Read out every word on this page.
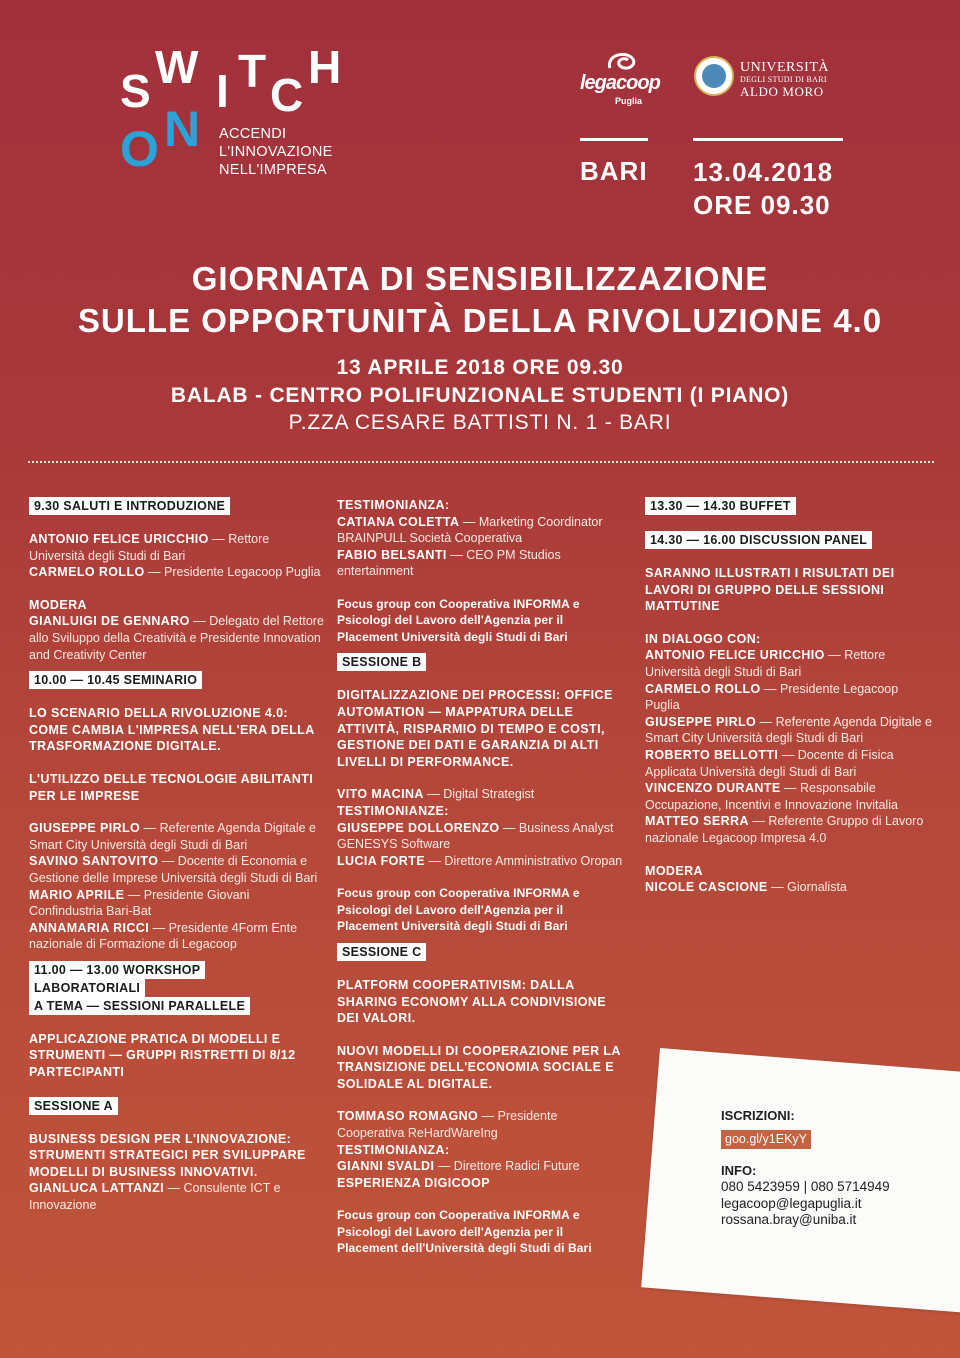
S W I T C
H
O N ACCENDI
L'INNOVAZIONE
NELL'IMPRESA
legacoop
Puglia
UNIVERSITÀ
DEGLI STUDI DI BARI
ALDO MORO
BARI 13.04.2018
ORE 09.30
GIORNATA DI SENSIBILIZZAZIONE
SULLE OPPORTUNITÀ DELLA RIVOLUZIONE 4.0
13 APRILE 2018 ORE 09.30
BALAB - CENTRO POLIFUNZIONALE STUDENTI (I PIANO)
P.ZZA CESARE BATTISTI N. 1 - BARI
9.30 SALUTI E INTRODUZIONE

ANTONIO FELICE URICCHIO — Rettore Università degli Studi di Bari

CARMELO ROLLO — Presidente Legacoop Puglia

MODERA

GIANLUIGI DE GENNARO — Delegato del Rettore allo Sviluppo della Creatività e Presidente Innovation and Creativity Center

10.00 — 10.45 SEMINARIO

LO SCENARIO DELLA RIVOLUZIONE 4.0: COME CAMBIA L'IMPRESA NELL'ERA DELLA TRASFORMAZIONE DIGITALE.

L'UTILIZZO DELLE TECNOLOGIE ABILITANTI PER LE IMPRESE

GIUSEPPE PIRLO — Referente Agenda Digitale e Smart City Università degli Studi di Bari

SAVINO SANTOVITO — Docente di Economia e Gestione delle Imprese Università degli Studi di Bari

MARIO APRILE — Presidente Giovani Confindustria Bari-Bat

ANNAMARIA RICCI — Presidente 4Form Ente nazionale di Formazione di Legacoop

11.00 — 13.00 WORKSHOP
LABORATORIALI
A TEMA — SESSIONI PARALLELE

APPLICAZIONE PRATICA DI MODELLI E STRUMENTI — GRUPPI RISTRETTI DI 8/12 PARTECIPANTI

SESSIONE A

BUSINESS DESIGN PER L'INNOVAZIONE: STRUMENTI STRATEGICI PER SVILUPPARE MODELLI DI BUSINESS INNOVATIVI.

GIANLUCA LATTANZI — Consulente ICT e Innovazione

TESTIMONIANZA:

CATIANA COLETTA — Marketing Coordinator BRAINPULL Società Cooperativa

FABIO BELSANTI — CEO PM Studios entertainment

Focus group con Cooperativa INFORMA e Psicologi del Lavoro dell'Agenzia per il Placement Università degli Studi di Bari

SESSIONE B

DIGITALIZZAZIONE DEI PROCESSI: OFFICE AUTOMATION — MAPPATURA DELLE ATTIVITÀ, RISPARMIO DI TEMPO E COSTI, GESTIONE DEI DATI E GARANZIA DI ALTI LIVELLI DI PERFORMANCE.

VITO MACINA — Digital Strategist

TESTIMONIANZE:

GIUSEPPE DOLLORENZO — Business Analyst GENESYS Software

LUCIA FORTE — Direttore Amministrativo Oropan

Focus group con Cooperativa INFORMA e Psicologi del Lavoro dell'Agenzia per il Placement Università degli Studi di Bari

SESSIONE C

PLATFORM COOPERATIVISM: DALLA SHARING ECONOMY ALLA CONDIVISIONE DEI VALORI.

NUOVI MODELLI DI COOPERAZIONE PER LA TRANSIZIONE DELL'ECONOMIA SOCIALE E SOLIDALE AL DIGITALE.

TOMMASO ROMAGNO — Presidente Cooperativa ReHardWareIng

TESTIMONIANZA:

GIANNI SVALDI — Direttore Radici Future

ESPERIENZA DIGICOOP

Focus group con Cooperativa INFORMA e Psicologi del Lavoro dell'Agenzia per il Placement dell'Università degli Studi di Bari

13.30 — 14.30 BUFFET
14.30 — 16.00 DISCUSSION PANEL

SARANNO ILLUSTRATI I RISULTATI DEI LAVORI DI GRUPPO DELLE SESSIONI MATTUTINE

IN DIALOGO CON:

ANTONIO FELICE URICCHIO — Rettore Università degli Studi di Bari

CARMELO ROLLO — Presidente Legacoop Puglia

GIUSEPPE PIRLO — Referente Agenda Digitale e Smart City Università degli Studi di Bari

ROBERTO BELLOTTI — Docente di Fisica Applicata Università degli Studi di Bari

VINCENZO DURANTE — Responsabile Occupazione, Incentivi e Innovazione Invitalia

MATTEO SERRA — Referente Gruppo di Lavoro nazionale Legacoop Impresa 4.0

MODERA

NICOLE CASCIONE — Giornalista

ISCRIZIONI:
goo.gl/y1EKyY
INFO:
080 5423959 | 080 5714949
legacoop@legapuglia.it
rossana.bray@uniba.it
